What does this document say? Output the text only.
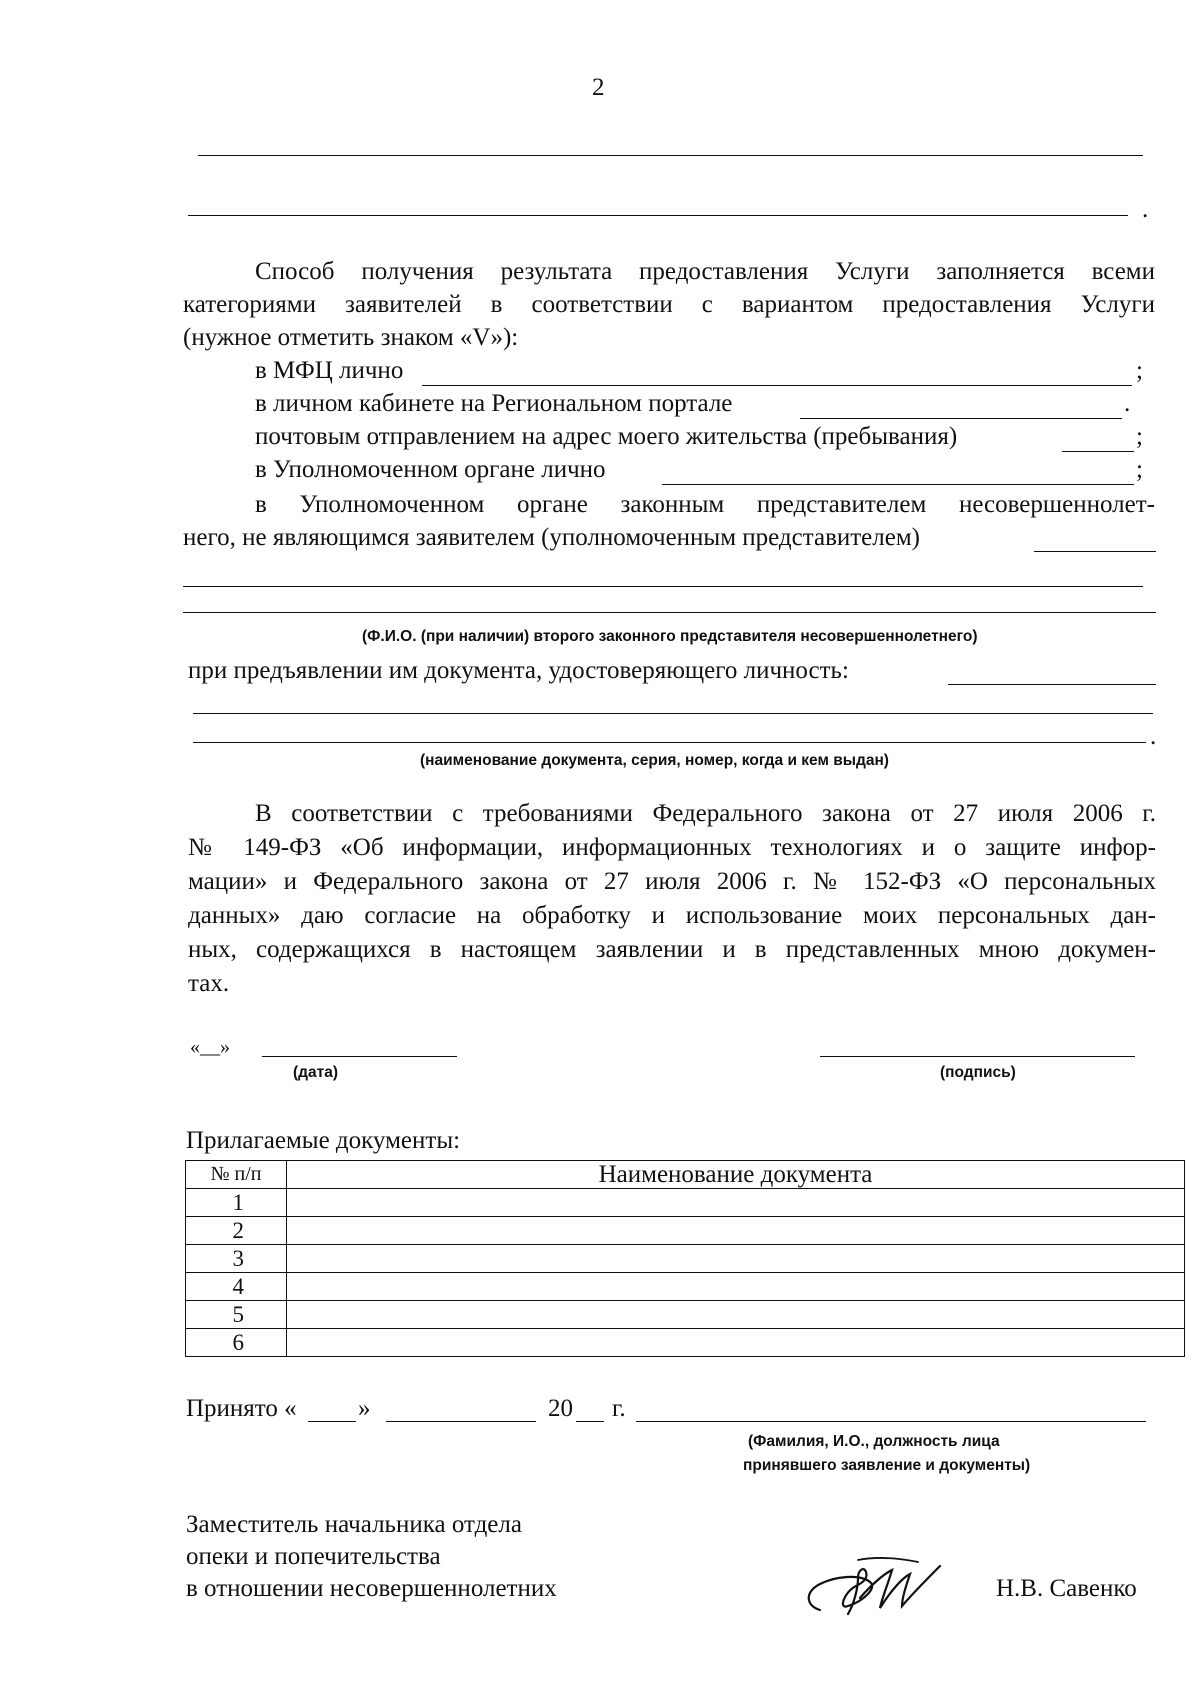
2
.
Способ получения результата предоставления Услуги заполняется всеми
категориями заявителей в соответствии с вариантом предоставления Услуги
(нужное отметить знаком «V»):
в МФЦ лично	;
в личном кабинете на Региональном портале	.
почтовым отправлением на адрес моего жительства (пребывания)	;
в Уполномоченном органе лично	;
в Уполномоченном органе законным представителем несовершеннолет-
него, не являющимся заявителем (уполномоченным представителем)
(Ф.И.О. (при наличии) второго законного представителя несовершеннолетнего)
при предъявлении им документа, удостоверяющего личность:
.
(наименование документа, серия, номер, когда и кем выдан)
В соответствии с требованиями Федерального закона от 27 июля 2006 г.
№ 149-ФЗ «Об информации, информационных технологиях и о защите инфор-
мации» и Федерального закона от 27 июля 2006 г. № 152-ФЗ «О персональных
данных» даю согласие на обработку и использование моих персональных дан-
ных, содержащихся в настоящем заявлении и в представленных мною докумен-
тах.
«__»
(дата)	(подпись)
Прилагаемые документы:
№ п/п	Наименование документа
1	
2	
3	
4	
5	
6	
Принято « »	20 г.
(Фамилия, И.О., должность лица
принявшего заявление и документы)
Заместитель начальника отдела
опеки и попечительства
в отношении несовершеннолетних	Н.В. Савенко
